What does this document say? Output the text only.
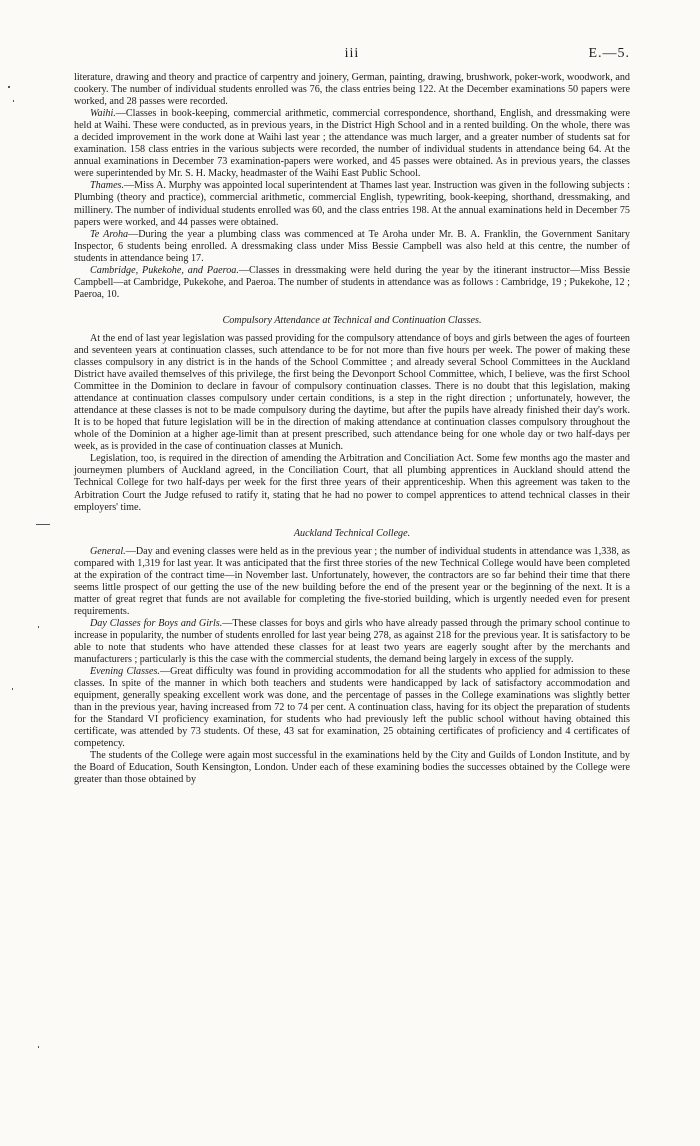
iii	E.—5.

literature, drawing and theory and practice of carpentry and joinery, German, painting, drawing, brushwork, poker-work, woodwork, and cookery. The number of individual students enrolled was 76, the class entries being 122. At the December examinations 50 papers were worked, and 28 passes were recorded.

Waihi.—Classes in book-keeping, commercial arithmetic, commercial correspondence, shorthand, English, and dressmaking were held at Waihi. These were conducted, as in previous years, in the District High School and in a rented building. On the whole, there was a decided improvement in the work done at Waihi last year ; the attendance was much larger, and a greater number of students sat for examination. 158 class entries in the various subjects were recorded, the number of individual students in attendance being 64. At the annual examinations in December 73 examination-papers were worked, and 45 passes were obtained. As in previous years, the classes were superintended by Mr. S. H. Macky, headmaster of the Waihi East Public School.

Thames.—Miss A. Murphy was appointed local superintendent at Thames last year. Instruction was given in the following subjects : Plumbing (theory and practice), commercial arithmetic, commercial English, typewriting, book-keeping, shorthand, dressmaking, and millinery. The number of individual students enrolled was 60, and the class entries 198. At the annual examinations held in December 75 papers were worked, and 44 passes were obtained.

Te Aroha—During the year a plumbing class was commenced at Te Aroha under Mr. B. A. Franklin, the Government Sanitary Inspector, 6 students being enrolled. A dressmaking class under Miss Bessie Campbell was also held at this centre, the number of students in attendance being 17.

Cambridge, Pukekohe, and Paeroa.—Classes in dressmaking were held during the year by the itinerant instructor—Miss Bessie Campbell—at Cambridge, Pukekohe, and Paeroa. The number of students in attendance was as follows : Cambridge, 19 ; Pukekohe, 12 ; Paeroa, 10.

Compulsory Attendance at Technical and Continuation Classes.

At the end of last year legislation was passed providing for the compulsory attendance of boys and girls between the ages of fourteen and seventeen years at continuation classes, such attendance to be for not more than five hours per week. The power of making these classes compulsory in any district is in the hands of the School Committee ; and already several School Committees in the Auckland District have availed themselves of this privilege, the first being the Devonport School Committee, which, I believe, was the first School Committee in the Dominion to declare in favour of compulsory continuation classes. There is no doubt that this legislation, making attendance at continuation classes compulsory under certain conditions, is a step in the right direction ; unfortunately, however, the attendance at these classes is not to be made compulsory during the daytime, but after the pupils have already finished their day's work. It is to be hoped that future legislation will be in the direction of making attendance at continuation classes compulsory throughout the whole of the Dominion at a higher age-limit than at present prescribed, such attendance being for one whole day or two half-days per week, as is provided in the case of continuation classes at Munich.

Legislation, too, is required in the direction of amending the Arbitration and Conciliation Act. Some few months ago the master and journeymen plumbers of Auckland agreed, in the Conciliation Court, that all plumbing apprentices in Auckland should attend the Technical College for two half-days per week for the first three years of their apprenticeship. When this agreement was taken to the Arbitration Court the Judge refused to ratify it, stating that he had no power to compel apprentices to attend technical classes in their employers' time.

Auckland Technical College.

General.—Day and evening classes were held as in the previous year ; the number of individual students in attendance was 1,338, as compared with 1,319 for last year. It was anticipated that the first three stories of the new Technical College would have been completed at the expiration of the contract time—in November last. Unfortunately, however, the contractors are so far behind their time that there seems little prospect of our getting the use of the new building before the end of the present year or the beginning of the next. It is a matter of great regret that funds are not available for completing the five-storied building, which is urgently needed even for present requirements.

Day Classes for Boys and Girls.—These classes for boys and girls who have already passed through the primary school continue to increase in popularity, the number of students enrolled for last year being 278, as against 218 for the previous year. It is satisfactory to be able to note that students who have attended these classes for at least two years are eagerly sought after by the merchants and manufacturers ; particularly is this the case with the commercial students, the demand being largely in excess of the supply.

Evening Classes.—Great difficulty was found in providing accommodation for all the students who applied for admission to these classes. In spite of the manner in which both teachers and students were handicapped by lack of satisfactory accommodation and equipment, generally speaking excellent work was done, and the percentage of passes in the College examinations was slightly better than in the previous year, having increased from 72 to 74 per cent. A continuation class, having for its object the preparation of students for the Standard VI proficiency examination, for students who had previously left the public school without having obtained this certificate, was attended by 73 students. Of these, 43 sat for examination, 25 obtaining certificates of proficiency and 4 certificates of competency.

The students of the College were again most successful in the examinations held by the City and Guilds of London Institute, and by the Board of Education, South Kensington, London. Under each of these examining bodies the successes obtained by the College were greater than those obtained by
